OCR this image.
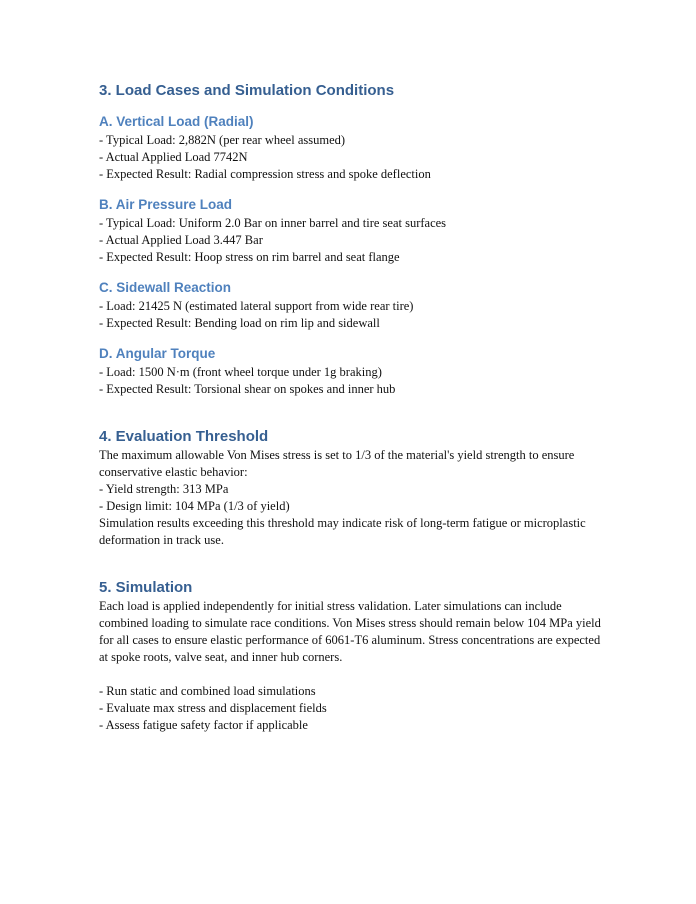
3. Load Cases and Simulation Conditions
A. Vertical Load (Radial)

- Typical Load: 2,882N (per rear wheel assumed)

- Actual Applied Load 7742N

- Expected Result: Radial compression stress and spoke deflection

B. Air Pressure Load

- Typical Load: Uniform 2.0 Bar on inner barrel and tire seat surfaces

- Actual Applied Load 3.447 Bar

- Expected Result: Hoop stress on rim barrel and seat flange

C. Sidewall Reaction

- Load: 21425 N (estimated lateral support from wide rear tire)

- Expected Result: Bending load on rim lip and sidewall

D. Angular Torque

- Load: 1500 N·m (front wheel torque under 1g braking)

- Expected Result: Torsional shear on spokes and inner hub

4. Evaluation Threshold

The maximum allowable Von Mises stress is set to 1/3 of the material's yield strength to ensure conservative elastic behavior:

- Yield strength: 313 MPa

- Design limit: 104 MPa (1/3 of yield)

Simulation results exceeding this threshold may indicate risk of long-term fatigue or microplastic deformation in track use.

5. Simulation

Each load is applied independently for initial stress validation. Later simulations can include combined loading to simulate race conditions. Von Mises stress should remain below 104 MPa yield for all cases to ensure elastic performance of 6061-T6 aluminum. Stress concentrations are expected at spoke roots, valve seat, and inner hub corners.

- Run static and combined load simulations

- Evaluate max stress and displacement fields

- Assess fatigue safety factor if applicable
